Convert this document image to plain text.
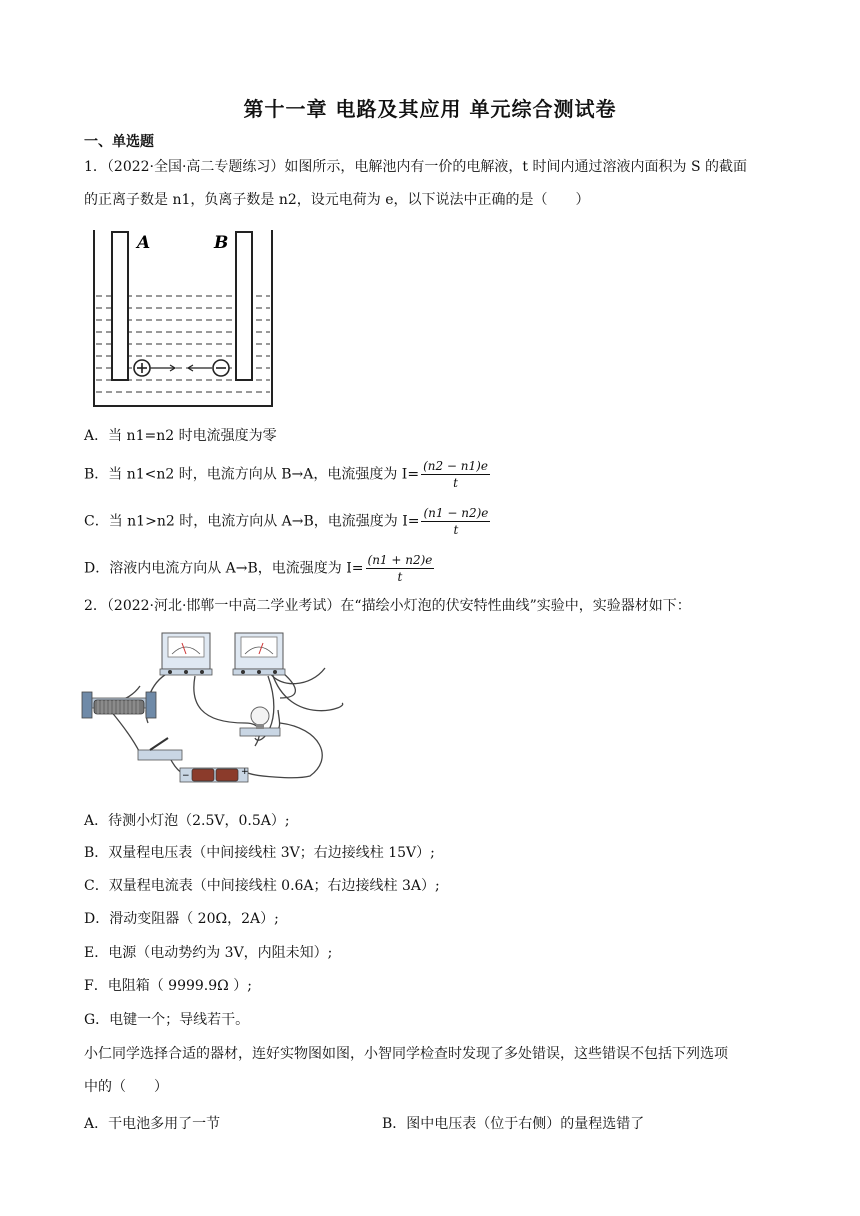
第十一章 电路及其应用 单元综合测试卷
一、单选题
1．（2022·全国·高二专题练习）如图所示，电解池内有一价的电解液，t 时间内通过溶液内面积为 S 的截面
的正离子数是 n1，负离子数是 n2，设元电荷为 e，以下说法中正确的是（　　）
A	B
A．当 n1=n2 时电流强度为零
B．当 n1<n2 时，电流方向从 B→A，电流强度为 $I= \frac{(n2 - n1)e}{t}$
C．当 n1>n2 时，电流方向从 A→B，电流强度为 $I= \frac{(n1 - n2)e}{t}$
D．溶液内电流方向从 A→B，电流强度为 $I= \frac{(n1 + n2)e}{t}$
2．（2022·河北·邯郸一中高二学业考试）在“描绘小灯泡的伏安特性曲线”实验中，实验器材如下：
−	+
A．待测小灯泡（2.5V，0.5A）;
B．双量程电压表（中间接线柱 3V；右边接线柱 15V）;
C．双量程电流表（中间接线柱 0.6A；右边接线柱 3A）;
D．滑动变阻器（ 20Ω，2A）;
E．电源（电动势约为 3V，内阻未知）;
F．电阻箱（ 9999.9Ω ）;
G．电键一个；导线若干。
小仁同学选择合适的器材，连好实物图如图，小智同学检查时发现了多处错误，这些错误不包括下列选项
中的（　　）
A．干电池多用了一节	B．图中电压表（位于右侧）的量程选错了
